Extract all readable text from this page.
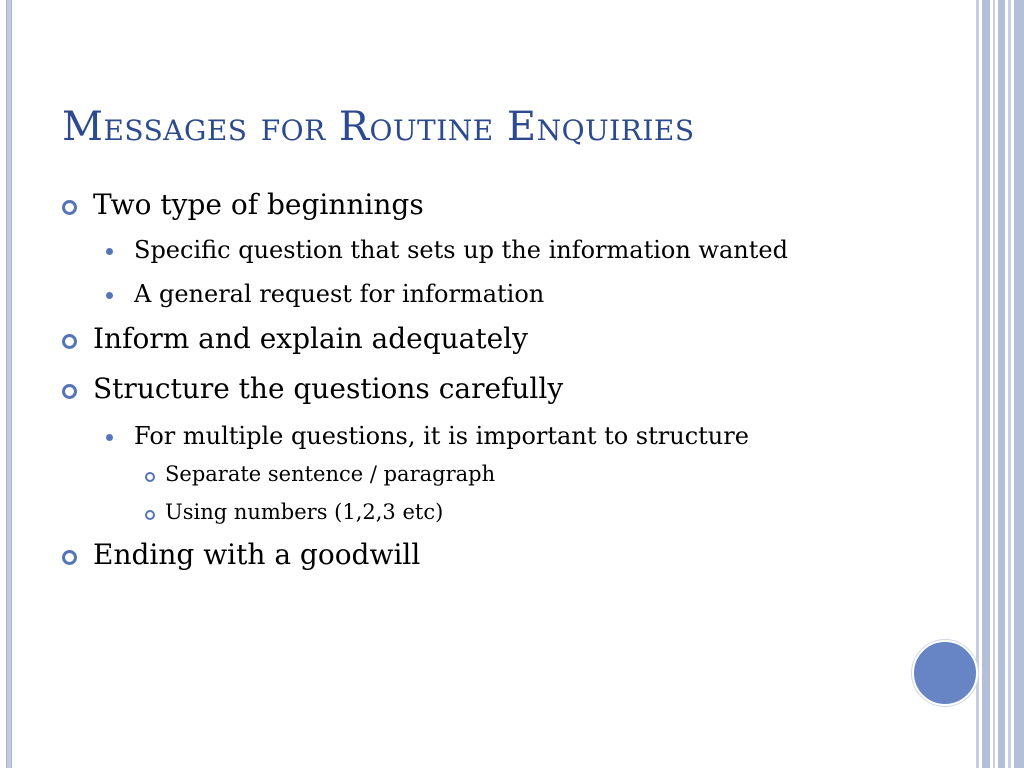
Messages for Routine Enquiries
Two type of beginnings
Specific question that sets up the information wanted
A general request for information
Inform and explain adequately
Structure the questions carefully
For multiple questions, it is important to structure
Separate sentence / paragraph
Using numbers (1,2,3 etc)
Ending with a goodwill
